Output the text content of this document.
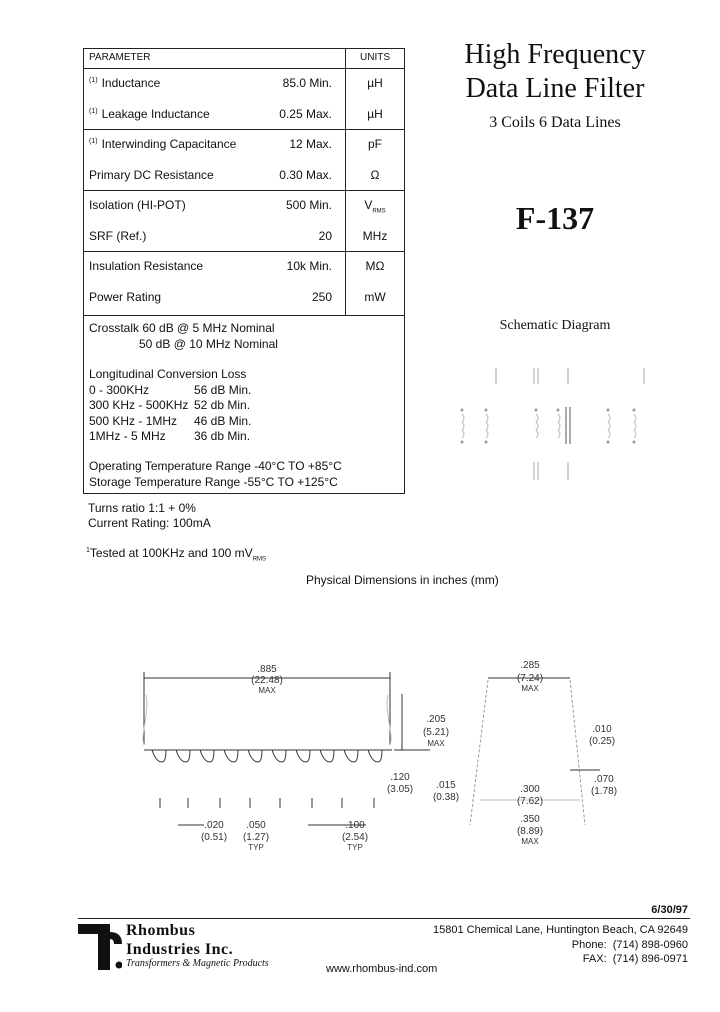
PARAMETER	UNITS
$^{(1)}$ Inductance	85.0 Min.	µH
$^{(1)}$ Leakage Inductance	0.25 Max.	µH
$^{(1)}$ Interwinding Capacitance	12 Max.	pF
Primary DC Resistance	0.30 Max.	Ω
Isolation (HI-POT)	500 Min.	$V_{RMS}$
SRF (Ref.)	20	MHz
Insulation Resistance	10k Min.	MΩ
Power Rating	250	mW
Crosstalk 60 dB @ 5 MHz Nominal
50 dB @ 10 MHz Nominal
Longitudinal Conversion Loss
0 - 300KHz	56 dB Min.
300 KHz - 500KHz 52 db Min.
500 KHz - 1MHz 46 dB Min.
1MHz - 5 MHz 36 db Min.
Operating Temperature Range -40°C TO +85°C
Storage Temperature Range -55°C TO +125°C
Turns ratio 1:1 + 0%
Current Rating: 100mA
$^1$Tested at 100KHz and 100 $mV_{RMS}$
High Frequency
Data Line Filter
3 Coils 6 Data Lines
F-137
Schematic Diagram
Physical Dimensions in inches (mm)
.885
(22.48)
MAX
.285
(7.24)
MAX
.205
(5.21)
MAX
.120
(3.05) .015
(0.38)
.020
(0.51)
.050
(1.27)
TYP
.100
(2.54)
TYP
.300
(7.62)
.350
(8.89)
MAX
.010
(0.25)
.070
(1.78)
6/30/97
Rhombus
Industries Inc.
Transformers & Magnetic Products
15801 Chemical Lane, Huntington Beach, CA 92649
Phone: (714) 898-0960
FAX: (714) 896-0971
www.rhombus-ind.com
